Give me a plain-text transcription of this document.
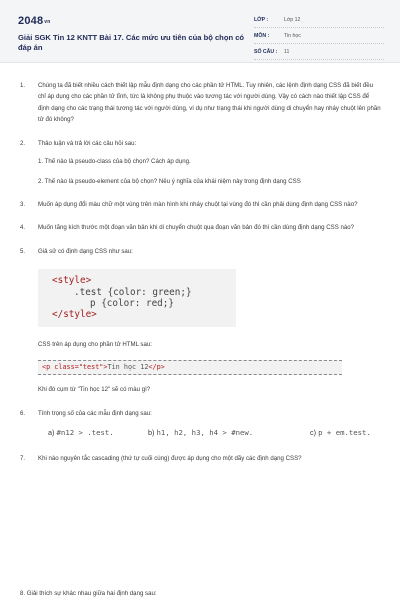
2048vn
Giải SGK Tin 12 KNTT Bài 17. Các mức ưu tiên của bộ chọn có đáp án
LỚP :	Lớp 12
MÔN :	Tin học
SỐ CÂU : 11
1. Chúng ta đã biết nhiều cách thiết lập mẫu định dạng cho các phần tử HTML. Tuy nhiên, các lệnh định dạng CSS đã biết đều chỉ áp dụng cho các phần tử tĩnh, tức là không phụ thuộc vào tương tác với người dùng. Vậy có cách nào thiết lập CSS để định dạng cho các trạng thái tương tác với người dùng, ví dụ như trạng thái khi người dùng di chuyển hay nháy chuột lên phần tử đó không?
2. Thảo luận và trả lời các câu hỏi sau:
1. Thế nào là pseudo-class của bộ chọn? Cách áp dụng.
2. Thế nào là pseudo-element của bộ chọn? Nêu ý nghĩa của khái niệm này trong định dạng CSS
3. Muốn áp dụng đổi màu chữ một vùng trên màn hình khi nháy chuột tại vùng đó thì cần phải dùng định dạng CSS nào?
4. Muốn tăng kích thước một đoạn văn bản khi di chuyển chuột qua đoạn văn bản đó thì cần dùng định dạng CSS nào?
5. Giả sử có định dạng CSS như sau:
<style>
.test {color: green;}
p {color: red;}
</style>
CSS trên áp dụng cho phần tử HTML sau:
<p class="test">Tin học 12</p>
Khi đó cụm từ "Tin học 12" sẽ có màu gì?
6. Tính trọng số của các mẫu định dạng sau:
a) #n12 > .test.	b) h1, h2, h3, h4 > #new.	c) p + em.test.
7. Khi nào nguyên tắc cascading (thứ tự cuối cùng) được áp dụng cho một dãy các định dạng CSS?
8. Giải thích sự khác nhau giữa hai định dạng sau:
